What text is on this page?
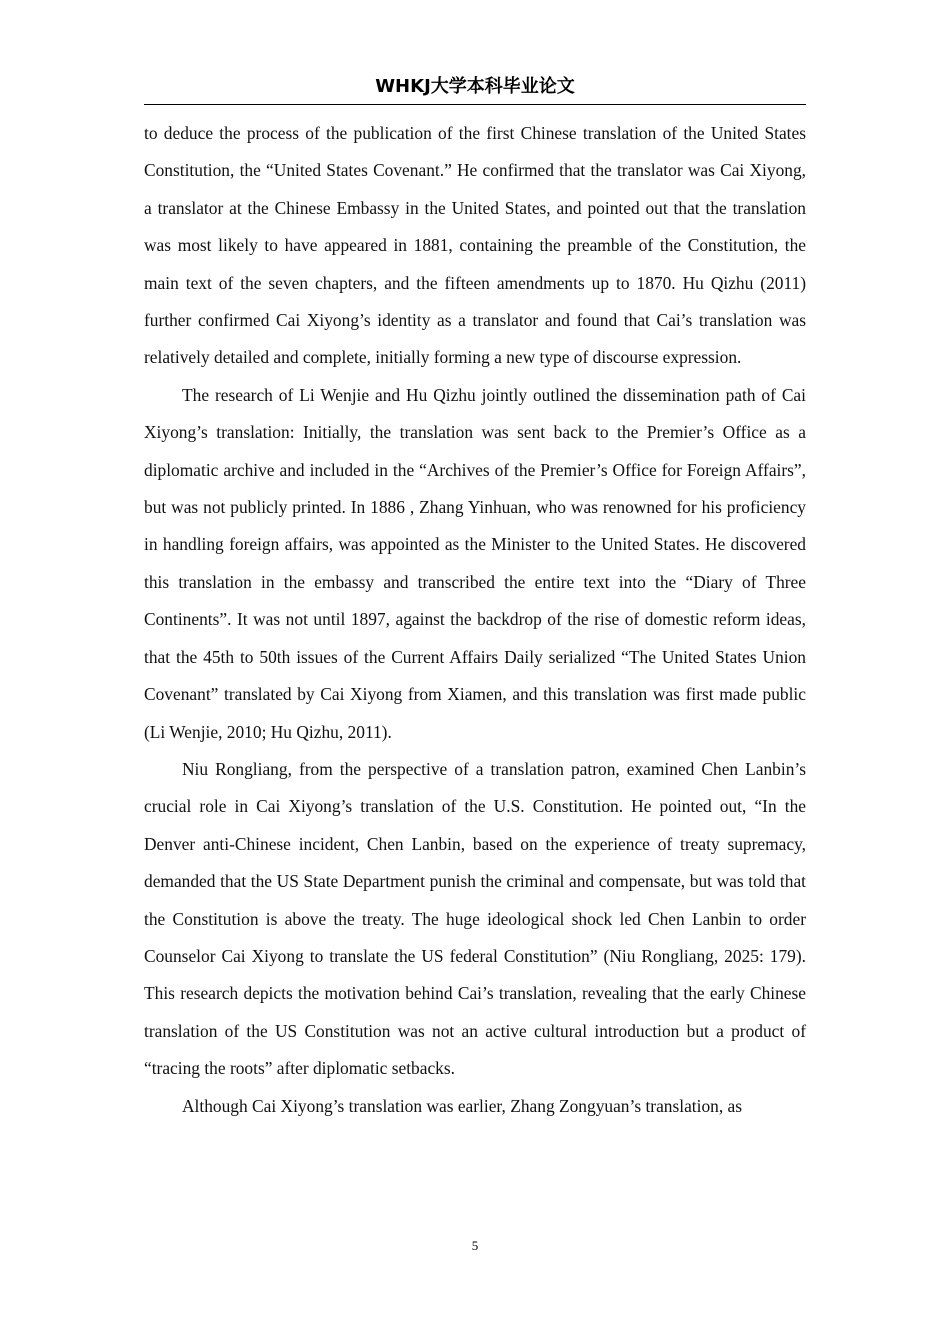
WHKJ大学本科毕业论文

to deduce the process of the publication of the first Chinese translation of the United States Constitution, the “United States Covenant.” He confirmed that the translator was Cai Xiyong, a translator at the Chinese Embassy in the United States, and pointed out that the translation was most likely to have appeared in 1881, containing the preamble of the Constitution, the main text of the seven chapters, and the fifteen amendments up to 1870. Hu Qizhu (2011) further confirmed Cai Xiyong’s identity as a translator and found that Cai’s translation was relatively detailed and complete, initially forming a new type of discourse expression.

The research of Li Wenjie and Hu Qizhu jointly outlined the dissemination path of Cai Xiyong’s translation: Initially, the translation was sent back to the Premier’s Office as a diplomatic archive and included in the “Archives of the Premier’s Office for Foreign Affairs”, but was not publicly printed. In 1886 , Zhang Yinhuan, who was renowned for his proficiency in handling foreign affairs, was appointed as the Minister to the United States. He discovered this translation in the embassy and transcribed the entire text into the “Diary of Three Continents”. It was not until 1897, against the backdrop of the rise of domestic reform ideas, that the 45th to 50th issues of the Current Affairs Daily serialized “The United States Union Covenant” translated by Cai Xiyong from Xiamen, and this translation was first made public (Li Wenjie, 2010; Hu Qizhu, 2011).

Niu Rongliang, from the perspective of a translation patron, examined Chen Lanbin’s crucial role in Cai Xiyong’s translation of the U.S. Constitution. He pointed out, “In the Denver anti-Chinese incident, Chen Lanbin, based on the experience of treaty supremacy, demanded that the US State Department punish the criminal and compensate, but was told that the Constitution is above the treaty. The huge ideological shock led Chen Lanbin to order Counselor Cai Xiyong to translate the US federal Constitution” (Niu Rongliang, 2025: 179). This research depicts the motivation behind Cai’s translation, revealing that the early Chinese translation of the US Constitution was not an active cultural introduction but a product of “tracing the roots” after diplomatic setbacks.

Although Cai Xiyong’s translation was earlier, Zhang Zongyuan’s translation, as

5
